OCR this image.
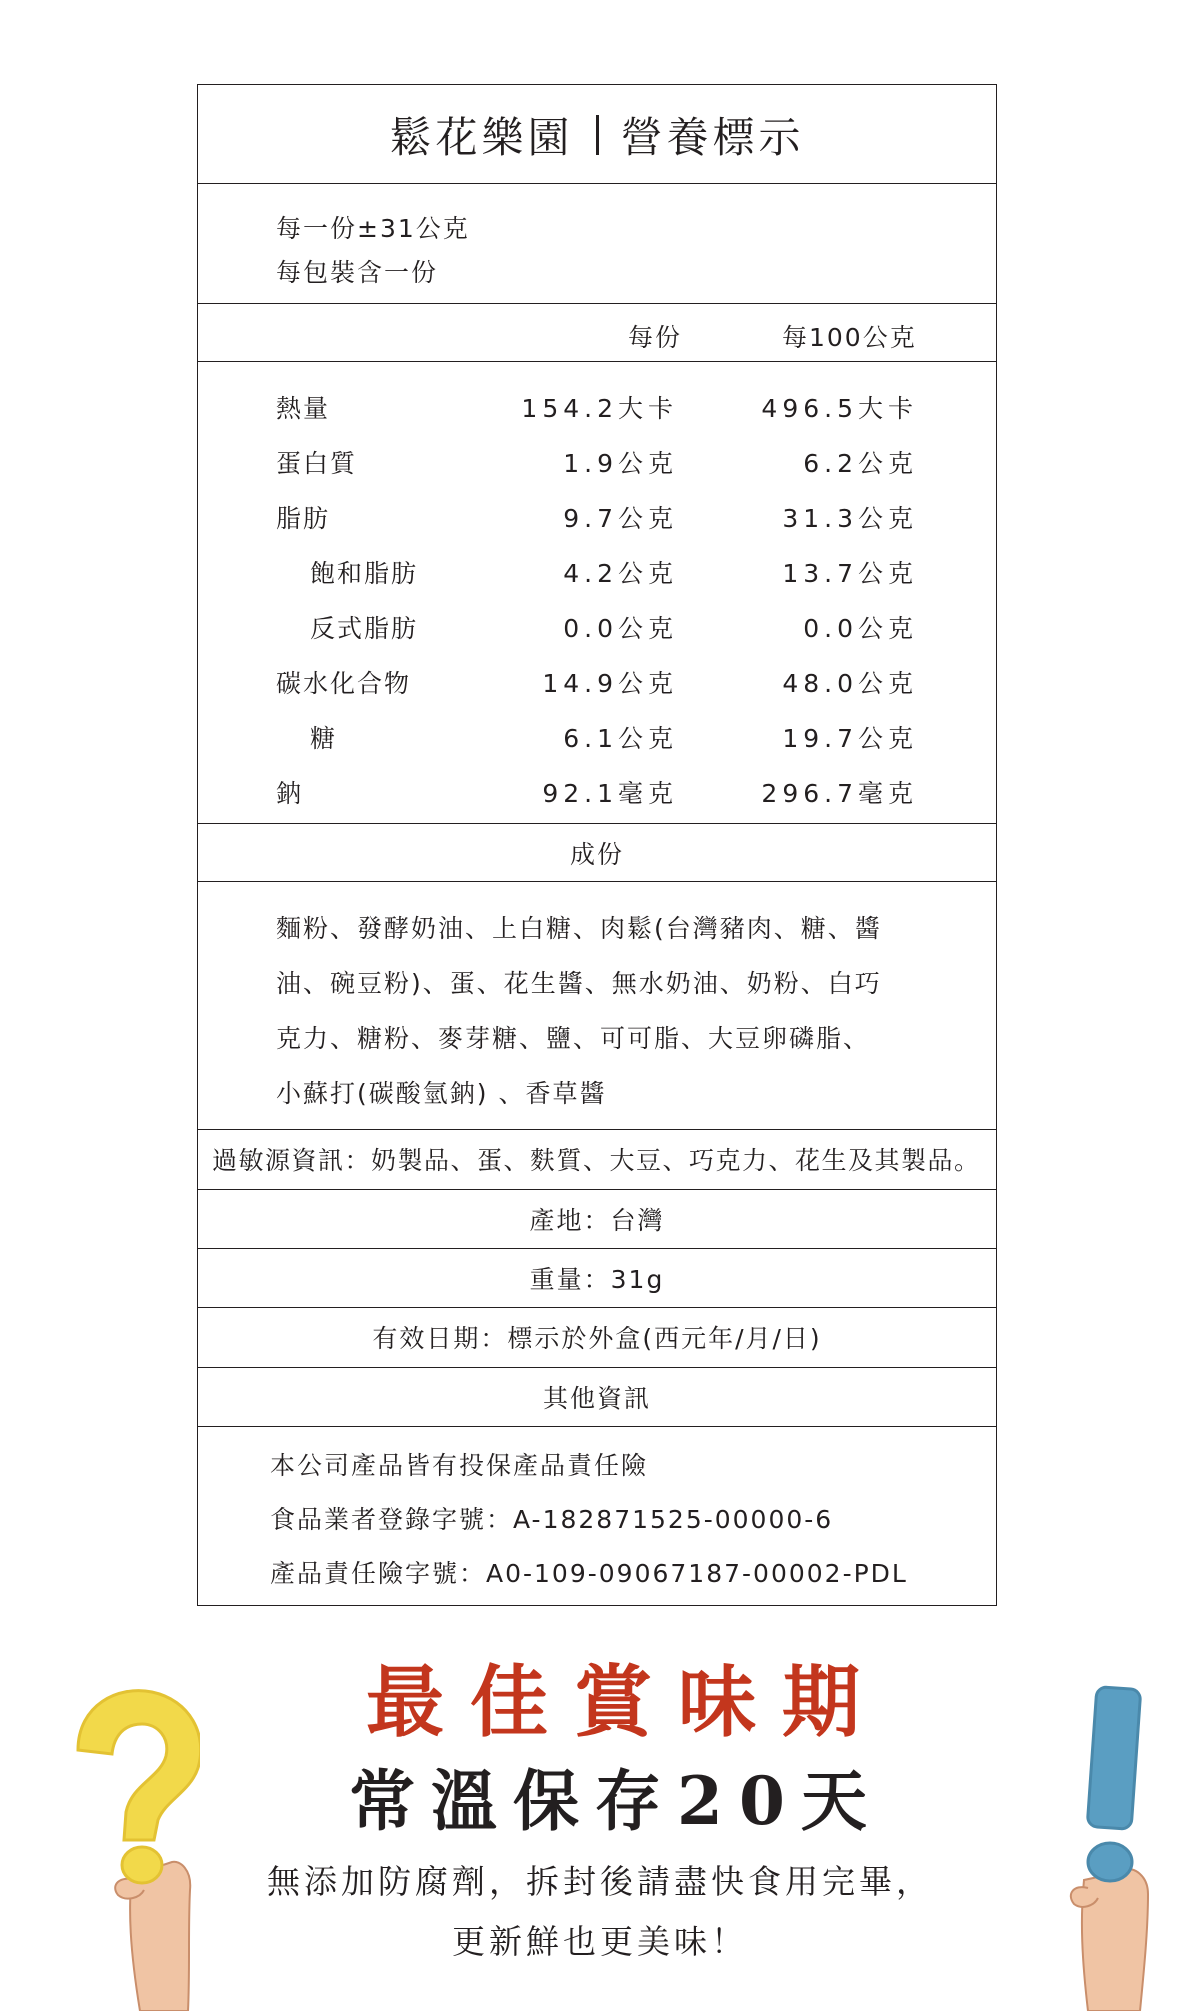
鬆花樂園 營養標示
每一份±31公克
每包裝含一份
每份	每100公克
熱量	154.2大卡	496.5大卡
蛋白質	1.9公克	6.2公克
脂肪	9.7公克	31.3公克
飽和脂肪	4.2公克	13.7公克
反式脂肪	0.0公克	0.0公克
碳水化合物	14.9公克	48.0公克
糖	6.1公克	19.7公克
鈉	92.1毫克	296.7毫克
成份
麵粉、發酵奶油、上白糖、肉鬆(台灣豬肉、糖、醬
油、碗豆粉)、蛋、花生醬、無水奶油、奶粉、白巧
克力、糖粉、麥芽糖、鹽、可可脂、大豆卵磷脂、
小蘇打(碳酸氫鈉) 、香草醬
過敏源資訊：奶製品、蛋、麩質、大豆、巧克力、花生及其製品。
產地：台灣
重量：31g
有效日期：標示於外盒(西元年/月/日)
其他資訊
本公司產品皆有投保產品責任險
食品業者登錄字號：A-182871525-00000-6
產品責任險字號：A0-109-09067187-00002-PDL
最佳賞味期
常溫保存20天
無添加防腐劑，拆封後請盡快食用完畢，
更新鮮也更美味！
